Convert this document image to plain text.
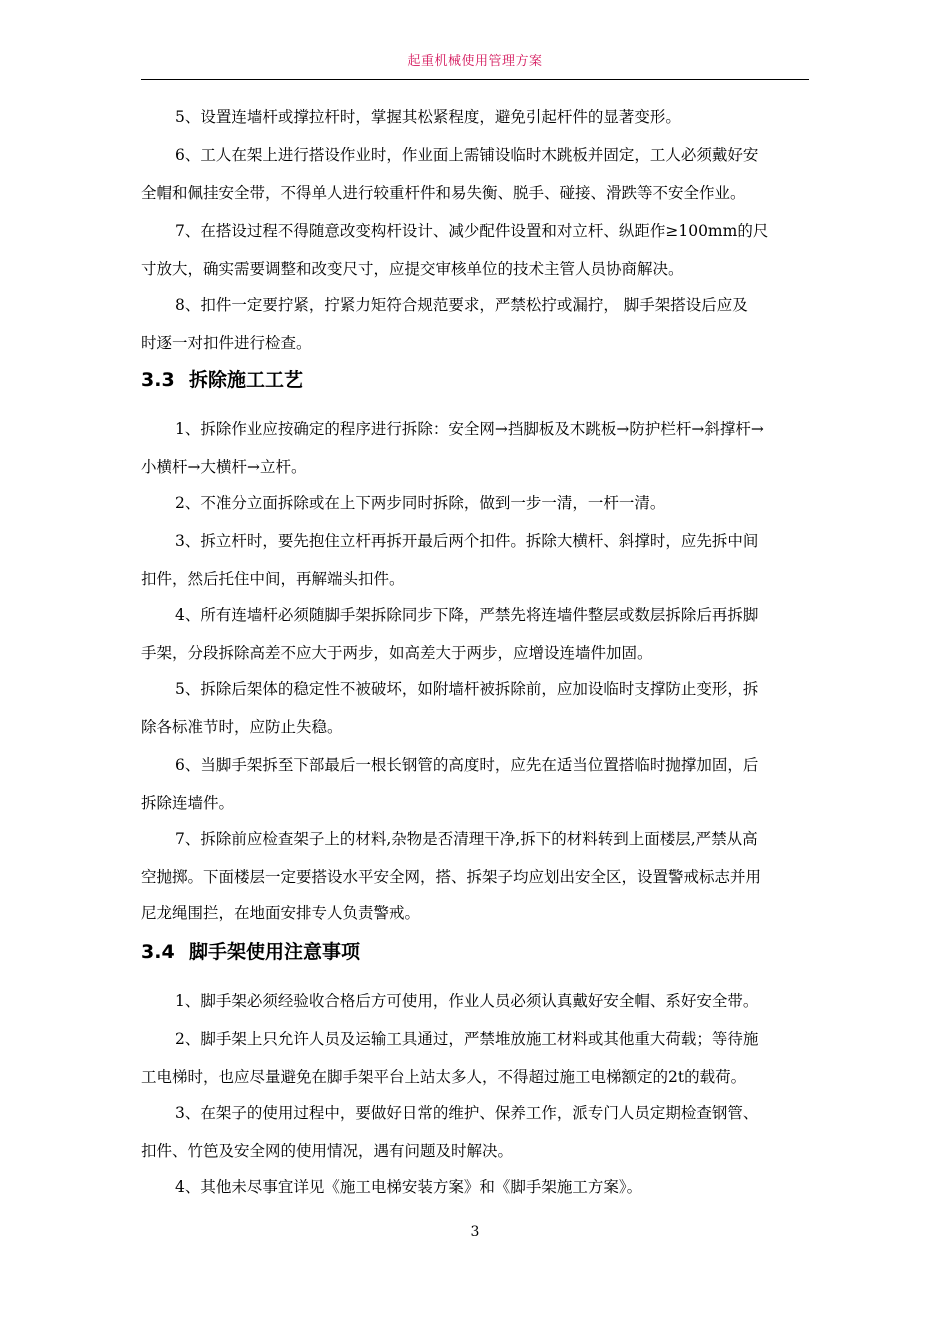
起重机械使用管理方案
5、设置连墙杆或撑拉杆时，掌握其松紧程度，避免引起杆件的显著变形。
6、工人在架上进行搭设作业时，作业面上需铺设临时木跳板并固定，工人必须戴好安
全帽和佩挂安全带，不得单人进行较重杆件和易失衡、脱手、碰接、滑跌等不安全作业。
7、在搭设过程不得随意改变构杆设计、减少配件设置和对立杆、纵距作≥100mm的尺
寸放大，确实需要调整和改变尺寸，应提交审核单位的技术主管人员协商解决。
8、扣件一定要拧紧，拧紧力矩符合规范要求，严禁松拧或漏拧， 脚手架搭设后应及
时逐一对扣件进行检查。
3.3 拆除施工工艺
1、拆除作业应按确定的程序进行拆除：安全网→挡脚板及木跳板→防护栏杆→斜撑杆→
小横杆→大横杆→立杆。
2、不准分立面拆除或在上下两步同时拆除，做到一步一清，一杆一清。
3、拆立杆时，要先抱住立杆再拆开最后两个扣件。拆除大横杆、斜撑时，应先拆中间
扣件，然后托住中间，再解端头扣件。
4、所有连墙杆必须随脚手架拆除同步下降，严禁先将连墙件整层或数层拆除后再拆脚
手架，分段拆除高差不应大于两步，如高差大于两步，应增设连墙件加固。
5、拆除后架体的稳定性不被破坏，如附墙杆被拆除前，应加设临时支撑防止变形，拆
除各标准节时，应防止失稳。
6、当脚手架拆至下部最后一根长钢管的高度时，应先在适当位置搭临时抛撑加固，后
拆除连墙件。
7、拆除前应检查架子上的材料,杂物是否清理干净,拆下的材料转到上面楼层,严禁从高
空抛掷。下面楼层一定要搭设水平安全网，搭、拆架子均应划出安全区，设置警戒标志并用
尼龙绳围拦，在地面安排专人负责警戒。
3.4 脚手架使用注意事项
1、脚手架必须经验收合格后方可使用，作业人员必须认真戴好安全帽、系好安全带。
2、脚手架上只允许人员及运输工具通过，严禁堆放施工材料或其他重大荷载；等待施
工电梯时，也应尽量避免在脚手架平台上站太多人，不得超过施工电梯额定的2t的载荷。
3、在架子的使用过程中，要做好日常的维护、保养工作，派专门人员定期检查钢管、
扣件、竹笆及安全网的使用情况，遇有问题及时解决。
4、其他未尽事宜详见《施工电梯安装方案》和《脚手架施工方案》。
3
